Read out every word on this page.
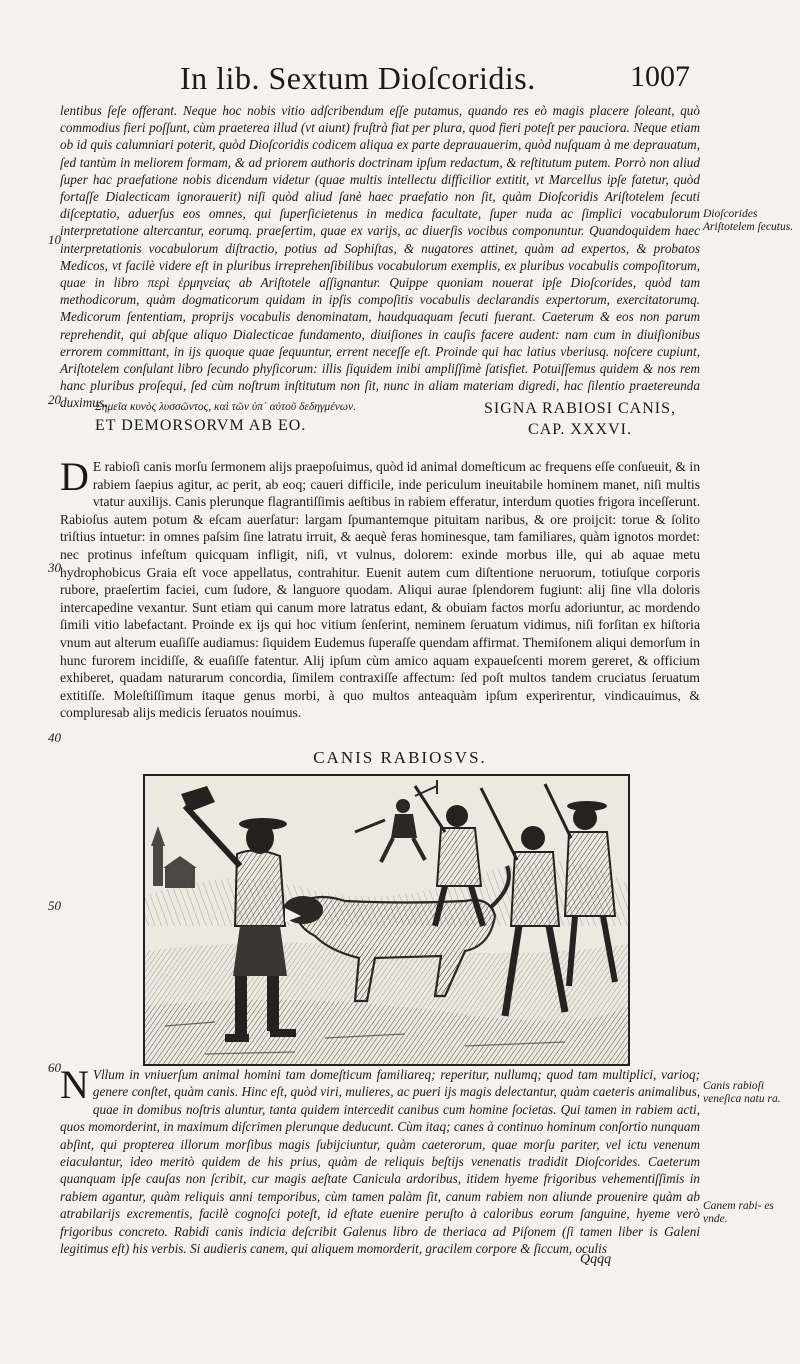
In lib. Sextum Dioſcoridis.	1007
lentibus ſeſe offerant. Neque hoc nobis vitio adſcribendum eſſe putamus, quando res eò magis placere ſoleant, quò commodius fieri poſſunt, cùm praeterea illud (vt aiunt) fruſtrà fiat per plura, quod fieri poteſt per pauciora. Neque etiam ob id quis calumniari poterit, quòd Dioſcoridis codicem aliqua ex parte deprauauerim, quòd nuſquam à me deprauatum, ſed tantùm in meliorem formam, & ad priorem authoris doctrinam ipſum redactum, & reſtitutum putem. Porrò non aliud ſuper hac praefatione nobis dicendum videtur (quae multis intellectu difficilior extitit, vt Marcellus ipſe fatetur, quòd fortaſſe Dialecticam ignorauerit) niſi quòd aliud ſanè haec praefatio non ſit, quàm Dioſcoridis Ariſtotelem ſecuti diſceptatio, aduerſus eos omnes, qui ſuperſicietenus in medica facultate, ſuper nuda ac ſimplici vocabulorum interpretatione altercantur, eorumq. praeſertim, quae ex varijs, ac diuerſis vocibus componuntur. Quandoquidem haec interpretationis vocabulorum diſtractio, potius ad Sophiſtas, & nugatores attinet, quàm ad expertos, & probatos Medicos, vt facilè videre eſt in pluribus irreprehenſibilibus vocabulorum exemplis, ex pluribus vocabulis compoſitorum, quae in libro περὶ ἑρμηνείας ab Ariſtotele aſſignantur. Quippe quoniam nouerat ipſe Dioſcorides, quòd tam methodicorum, quàm dogmaticorum quidam in ipſis compoſitis vocabulis declarandis expertorum, exercitatorumq. Medicorum ſententiam, proprijs vocabulis denominatam, haudquaquam ſecuti fuerant. Caeterum & eos non parum reprehendit, qui abſque aliquo Dialecticae fundamento, diuiſiones in cauſis facere audent: nam cum in diuiſionibus errorem committant, in ijs quoque quae ſequuntur, errent neceſſe eſt. Proinde qui hac latius vberiusq. noſcere cupiunt, Ariſtotelem conſulant libro ſecundo phyſicorum: illis ſiquidem inibi ampliſſimè ſatisfiet. Potuiſſemus quidem & nos rem hanc pluribus proſequi, ſed cùm noſtrum inſtitutum non ſit, nunc in aliam materiam digredi, hac ſilentio praetereunda duximus.
10
20
30
40
50
60
Dioſcorides Ariſtotelem ſecutus.
Canis rabioſi veneſica natu ra.
Canem rabi- es vnde.
Σημεῖα κυνὸς λυσσῶντος, καὶ τῶν ὑπ᾽ αὐτοῦ δεδηγμένων.
ET DEMORSORVM AB EO.
SIGNA RABIOSI CANIS,
CAP. XXXVI.
D E rabioſi canis morſu ſermonem alijs praepoſuimus, quòd id animal domeſticum ac frequens eſſe conſueuit, & in rabiem ſaepius agitur, ac perit, ab eoq; caueri difficile, inde periculum ineuitabile hominem manet, niſi multis vtatur auxilijs. Canis plerunque flagrantiſſimis aeſtibus in rabiem efferatur, interdum quoties frigora inceſſerunt. Rabioſus autem potum & eſcam auerſatur: largam ſpumantemque pituitam naribus, & ore proijcit: torue & ſolito triſtius intuetur: in omnes paſsim ſine latratu irruit, & aequè feras hominesque, tam familiares, quàm ignotos mordet: nec protinus infeſtum quicquam infligit, niſi, vt vulnus, dolorem: exinde morbus ille, qui ab aquae metu hydrophobicus Graia eſt voce appellatus, contrahitur. Euenit autem cum diſtentione neruorum, totiuſque corporis rubore, praeſertim faciei, cum ſudore, & languore quodam. Aliqui aurae ſplendorem fugiunt: alij ſine vlla doloris intercapedine vexantur. Sunt etiam qui canum more latratus edant, & obuiam factos morſu adoriuntur, ac mordendo ſimili vitio labefactant. Proinde ex ijs qui hoc vitium ſenſerint, neminem ſeruatum vidimus, niſi forſitan ex hiſtoria vnum aut alterum euaſiſſe audiamus: ſiquidem Eudemus ſuperaſſe quendam affirmat. Themiſonem aliqui demorſum in hunc furorem incidiſſe, & euaſiſſe fatentur. Alij ipſum cùm amico aquam expaueſcenti morem gereret, & officium exhiberet, quadam naturarum concordia, ſimilem contraxiſſe affectum: ſed poſt multos tandem cruciatus ſeruatum extitiſſe. Moleſtiſſimum itaque genus morbi, à quo multos anteaquàm ipſum experirentur, vindicauimus, & compluresab alijs medicis ſeruatos nouimus.
CANIS RABIOSVS.
N Vllum in vniuerſum animal homini tam domeſticum familiareq; reperitur, nullumq; quod tam multiplici, varioq; genere conſtet, quàm canis. Hinc eſt, quòd viri, mulieres, ac pueri ijs magis delectantur, quàm caeteris animalibus, quae in domibus noſtris aluntur, tanta quidem intercedit canibus cum homine ſocietas. Qui tamen in rabiem acti, quos momorderint, in maximum diſcrimen plerunque deducunt. Cùm itaq; canes à continuo hominum conſortio nunquam abſint, qui propterea illorum morſibus magis ſubijciuntur, quàm caeterorum, quae morſu pariter, vel ictu venenum eiaculantur, ideo meritò quidem de his prius, quàm de reliquis beſtijs venenatis tradidit Dioſcorides. Caeterum quanquam ipſe cauſas non ſcribit, cur magis aeſtate Canicula ardoribus, itidem hyeme frigoribus vehementiſſimis in rabiem agantur, quàm reliquis anni temporibus, cùm tamen palàm ſit, canum rabiem non aliunde prouenire quàm ab atrabilarijs excrementis, facilè cognoſci poteſt, id eſtate euenire peruſto à caloribus eorum ſanguine, hyeme verò frigoribus concreto. Rabidi canis indicia deſcribit Galenus libro de theriaca ad Piſonem (ſi tamen liber is Galeni legitimus eſt) his verbis. Si audieris canem, qui aliquem momorderit, gracilem corpore & ſiccum, oculis
Qqqq
